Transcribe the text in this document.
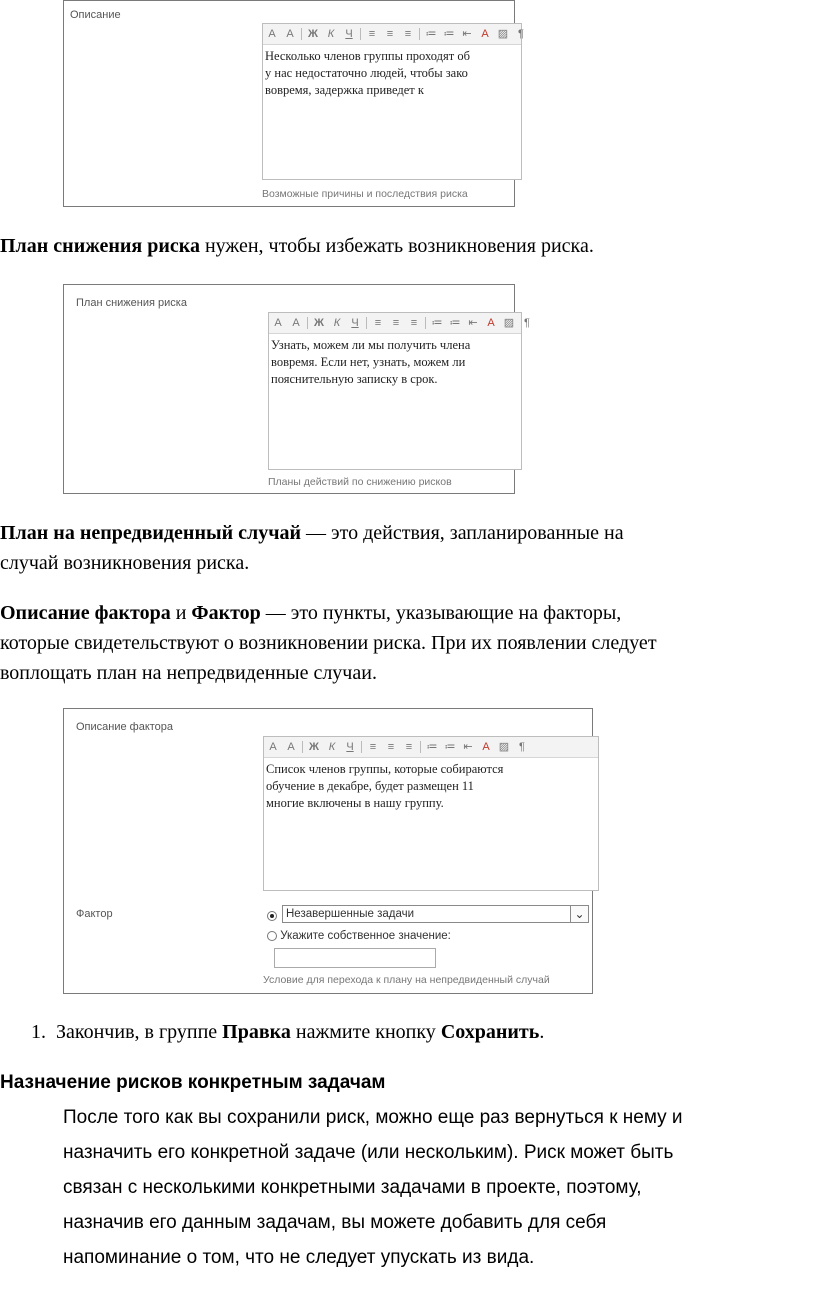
Описание
A A Ж К Ч ≡ ≡ ≡ ≔ ≔ ⇤ A ▨ ¶
Несколько членов группы проходят об
у нас недостаточно людей, чтобы зако
вовремя, задержка приведет к
Возможные причины и последствия риска
План снижения риска нужен, чтобы избежать возникновения риска.
План снижения риска
A A Ж К Ч ≡ ≡ ≡ ≔ ≔ ⇤ A ▨ ¶
Узнать, можем ли мы получить члена
вовремя. Если нет, узнать, можем ли
пояснительную записку в срок.
Планы действий по снижению рисков
План на непредвиденный случай — это действия, запланированные на
случай возникновения риска.
Описание фактора и Фактор — это пункты, указывающие на факторы,
которые свидетельствуют о возникновении риска. При их появлении следует
воплощать план на непредвиденные случаи.
Описание фактора
A A Ж К Ч ≡ ≡ ≡ ≔ ≔ ⇤ A ▨ ¶
Список членов группы, которые собираются
обучение в декабре, будет размещен 11
многие включены в нашу группу.
Фактор	Незавершенные задачи	⌄
Укажите собственное значение:
Условие для перехода к плану на непредвиденный случай
1. Закончив, в группе Правка нажмите кнопку Сохранить.
Назначение рисков конкретным задачам
После того как вы сохранили риск, можно еще раз вернуться к нему и
назначить его конкретной задаче (или нескольким). Риск может быть
связан с несколькими конкретными задачами в проекте, поэтому,
назначив его данным задачам, вы можете добавить для себя
напоминание о том, что не следует упускать из вида.
